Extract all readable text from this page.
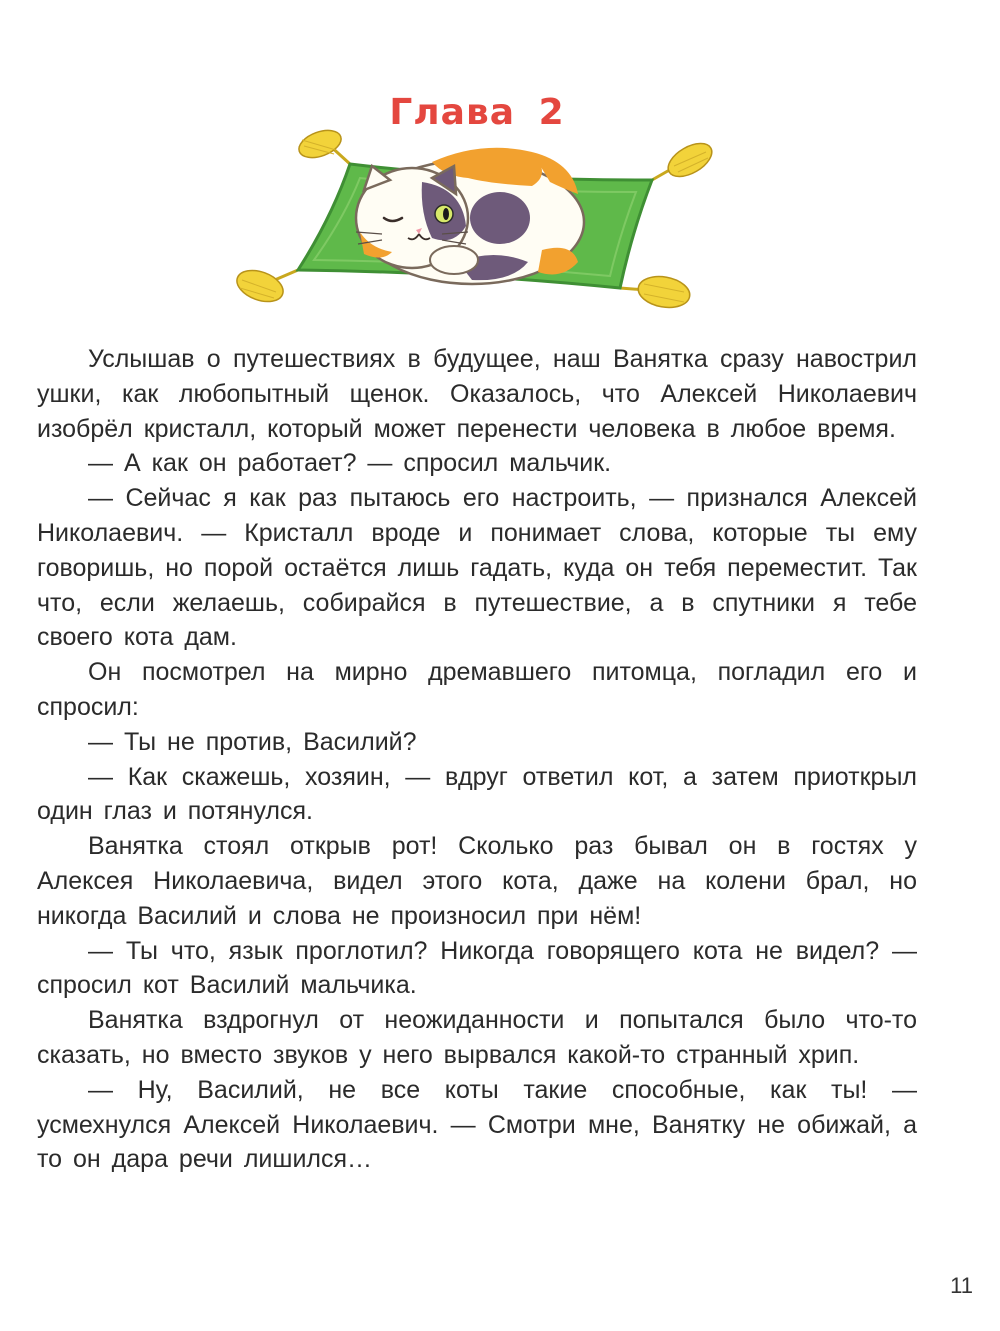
Глава 2

Услышав о путешествиях в будущее, наш Ванятка сразу навострил ушки, как любопытный щенок. Оказалось, что Алексей Николаевич изобрёл кристалл, который может перенести человека в любое время.

— А как он работает? — спросил мальчик.

— Сейчас я как раз пытаюсь его настроить, — признался Алексей Николаевич. — Кристалл вроде и понимает слова, которые ты ему говоришь, но порой остаётся лишь гадать, куда он тебя переместит. Так что, если желаешь, собирайся в путешествие, а в спутники я тебе своего кота дам.

Он посмотрел на мирно дремавшего питомца, погладил его и спросил:

— Ты не против, Василий?

— Как скажешь, хозяин, — вдруг ответил кот, а затем приоткрыл один глаз и потянулся.

Ванятка стоял открыв рот! Сколько раз бывал он в гостях у Алексея Николаевича, видел этого кота, даже на колени брал, но никогда Василий и слова не произносил при нём!

— Ты что, язык проглотил? Никогда говорящего кота не видел? — спросил кот Василий мальчика.

Ванятка вздрогнул от неожиданности и попытался было что-то сказать, но вместо звуков у него вырвался какой-то странный хрип.

— Ну, Василий, не все коты такие способные, как ты! — усмехнулся Алексей Николаевич. — Смотри мне, Ванятку не обижай, а то он дара речи лишился…

11
